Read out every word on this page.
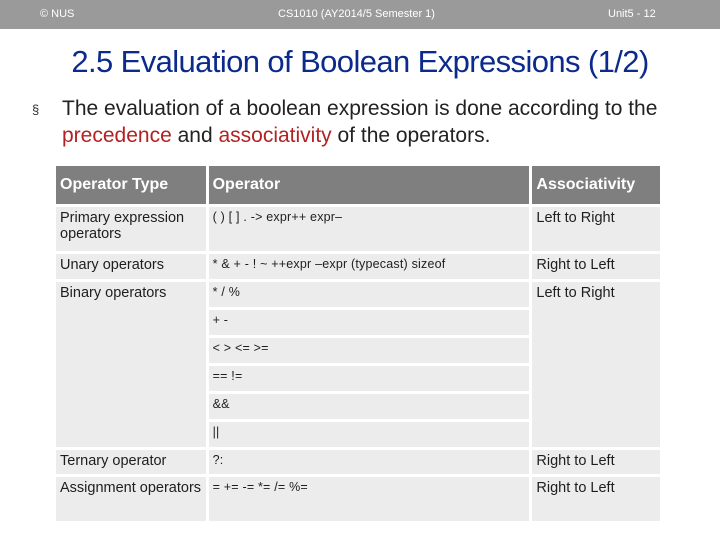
© NUS	CS1010 (AY2014/5 Semester 1)	Unit5 - 12
2.5 Evaluation of Boolean Expressions (1/2)
§	The evaluation of a boolean expression is done according to the precedence and associativity of the operators.
Operator Type	Operator	Associativity
Primary expression operators	( ) [ ] . -> expr++ expr–	Left to Right
Unary operators	* & + - ! ~ ++expr –expr (typecast) sizeof	Right to Left
Binary operators	* / %	Left to Right
	+ -	
	< > <= >=	
	== !=	
	&&	
	||	
Ternary operator	?:	Right to Left
Assignment operators	= += -= *= /= %=	Right to Left
